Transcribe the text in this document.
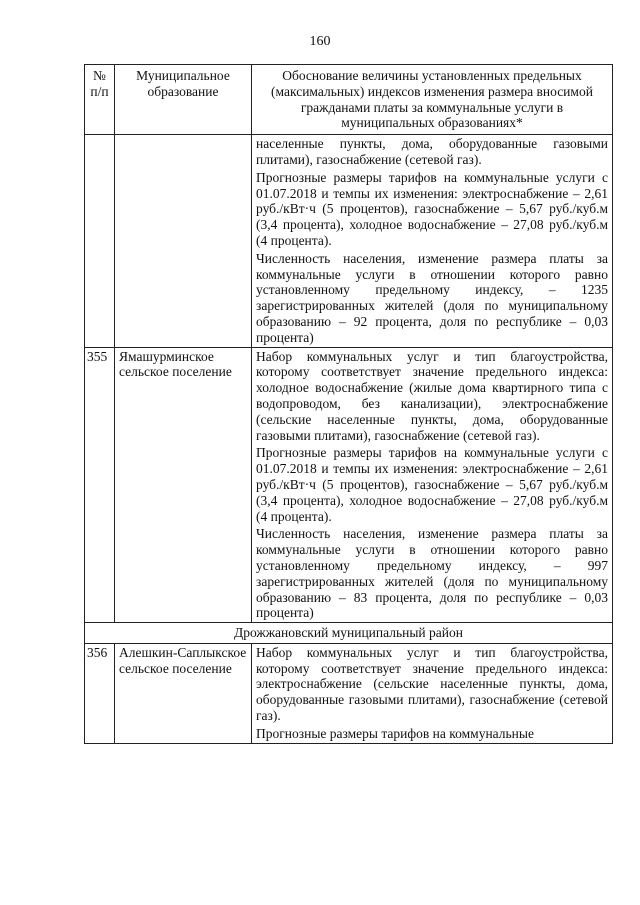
160
№ п/п	Муниципальное образование	Обоснование величины установленных предельных (максимальных) индексов изменения размера вносимой гражданами платы за коммунальные услуги в муниципальных образованиях*

		населенные пункты, дома, оборудованные газовыми плитами), газоснабжение (сетевой газ).

Прогнозные размеры тарифов на коммунальные услуги с 01.07.2018 и темпы их изменения: электроснабжение – 2,61 руб./кВт·ч (5 процентов), газоснабжение – 5,67 руб./куб.м (3,4 процента), холодное водоснабжение – 27,08 руб./куб.м (4 процента).

Численность населения, изменение размера платы за коммунальные услуги в отношении которого равно установленному предельному индексу, – 1235 зарегистрированных жителей (доля по муниципальному образованию – 92 процента, доля по республике – 0,03 процента)

355	Ямашурминское сельское поселение	Набор коммунальных услуг и тип благоустройства, которому соответствует значение предельного индекса: холодное водоснабжение (жилые дома квартирного типа с водопроводом, без канализации), электроснабжение (сельские населенные пункты, дома, оборудованные газовыми плитами), газоснабжение (сетевой газ).

Прогнозные размеры тарифов на коммунальные услуги с 01.07.2018 и темпы их изменения: электроснабжение – 2,61 руб./кВт·ч (5 процентов), газоснабжение – 5,67 руб./куб.м (3,4 процента), холодное водоснабжение – 27,08 руб./куб.м (4 процента).

Численность населения, изменение размера платы за коммунальные услуги в отношении которого равно установленному предельному индексу, – 997 зарегистрированных жителей (доля по муниципальному образованию – 83 процента, доля по республике – 0,03 процента)

Дрожжановский муниципальный район		
356	Алешкин-Саплыкское сельское поселение	Набор коммунальных услуг и тип благоустройства, которому соответствует значение предельного индекса: электроснабжение (сельские населенные пункты, дома, оборудованные газовыми плитами), газоснабжение (сетевой газ).

Прогнозные размеры тарифов на коммунальные
